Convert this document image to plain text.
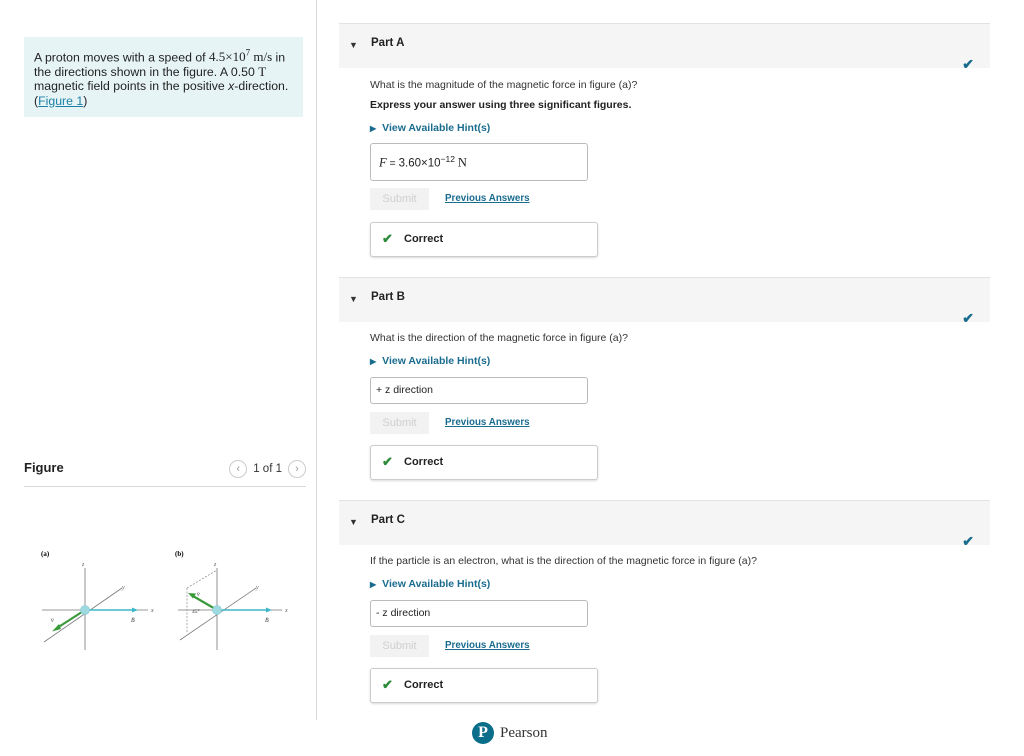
A proton moves with a speed of $4.5\times 10^7$ m/s in the directions shown in the figure. A 0.50 T magnetic field points in the positive x-direction. (Figure 1)
Figure	‹	1 of 1	›
(a)
z
x
y
B̄
v̄
(b)
z
x
y
B̄
v̄
45°
▼ Part A
✔
What is the magnitude of the magnetic force in figure (a)?
Express your answer using three significant figures.
▶ View Available Hint(s)
$F = 3.60\times 10^{-12}$ N
Submit	Previous Answers
✔ Correct
▼ Part B
✔
What is the direction of the magnetic force in figure (a)?
▶ View Available Hint(s)
+ z direction
Submit	Previous Answers
✔ Correct
▼ Part C
✔
If the particle is an electron, what is the direction of the magnetic force in figure (a)?
▶ View Available Hint(s)
- z direction
Submit	Previous Answers
✔ Correct
P Pearson
